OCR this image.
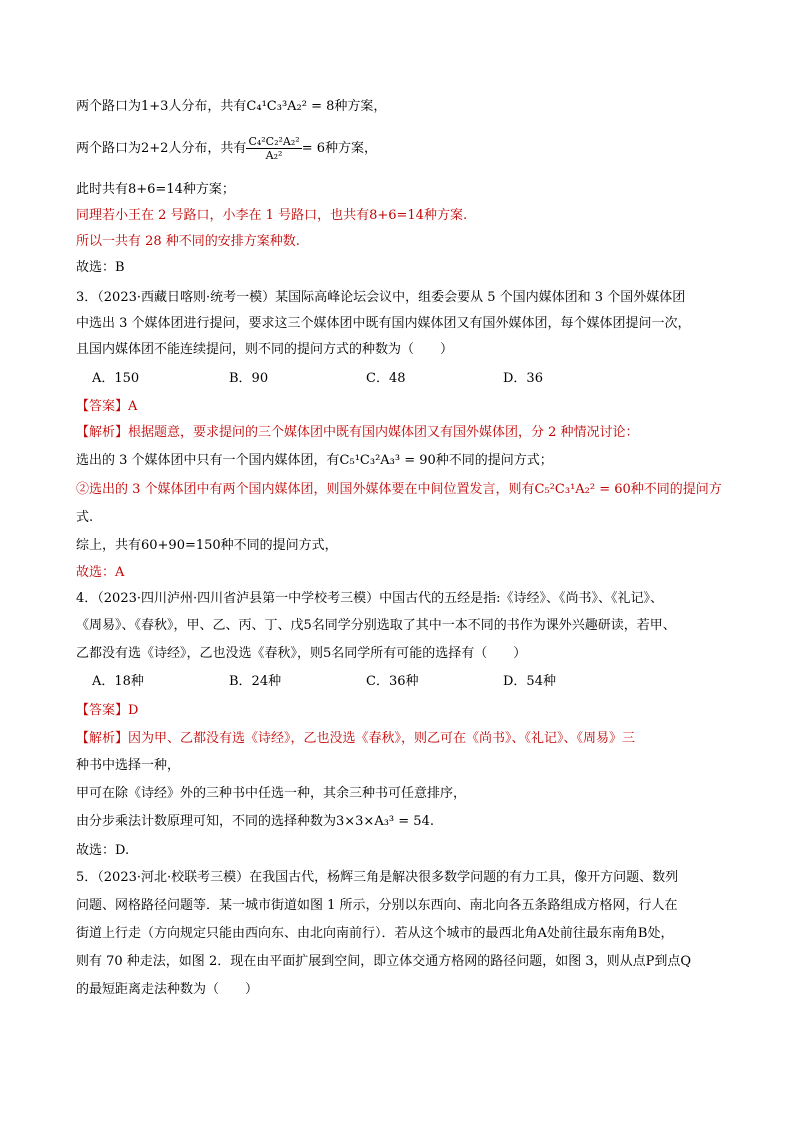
两个路口为1+3人分布，共有C₄¹C₃³A₂² = 8种方案，
两个路口为2+2人分布，共有 $\frac{\text{C₄²C₂²A₂²}}{\text{A₂²}} = 6$种方案，
此时共有8+6=14种方案；
同理若小王在 2 号路口，小李在 1 号路口，也共有8+6=14种方案.
所以一共有 28 种不同的安排方案种数.
故选：B
3．（2023·西藏日喀则·统考一模）某国际高峰论坛会议中，组委会要从 5 个国内媒体团和 3 个国外媒体团
中选出 3 个媒体团进行提问，要求这三个媒体团中既有国内媒体团又有国外媒体团，每个媒体团提问一次，
且国内媒体团不能连续提问，则不同的提问方式的种数为（　　）
A．150	B．90	C．48	D．36
【答案】A
【解析】根据题意，要求提问的三个媒体团中既有国内媒体团又有国外媒体团，分 2 种情况讨论：
选出的 3 个媒体团中只有一个国内媒体团，有C₅¹C₃²A₃³ = 90种不同的提问方式；
②选出的 3 个媒体团中有两个国内媒体团，则国外媒体要在中间位置发言，则有C₅²C₃¹A₂² = 60种不同的提问方
式.
综上，共有60+90=150种不同的提问方式，
故选：A
4．（2023·四川泸州·四川省泸县第一中学校考三模）中国古代的五经是指:《诗经》、《尚书》、《礼记》、
《周易》、《春秋》，甲、乙、丙、丁、戊5名同学分别选取了其中一本不同的书作为课外兴趣研读，若甲、
乙都没有选《诗经》，乙也没选《春秋》，则5名同学所有可能的选择有（　　）
A．18种	B．24种	C．36种	D．54种
【答案】D
【解析】因为甲、乙都没有选《诗经》，乙也没选《春秋》，则乙可在《尚书》、《礼记》、《周易》三
种书中选择一种，
甲可在除《诗经》外的三种书中任选一种，其余三种书可任意排序，
由分步乘法计数原理可知，不同的选择种数为3×3×A₃³ = 54.
故选：D.
5．（2023·河北·校联考三模）在我国古代，杨辉三角是解决很多数学问题的有力工具，像开方问题、数列
问题、网格路径问题等．某一城市街道如图 1 所示，分别以东西向、南北向各五条路组成方格网，行人在
街道上行走（方向规定只能由西向东、由北向南前行）．若从这个城市的最西北角A处前往最东南角B处，
则有 70 种走法，如图 2．现在由平面扩展到空间，即立体交通方格网的路径问题，如图 3，则从点P到点Q
的最短距离走法种数为（　　）
